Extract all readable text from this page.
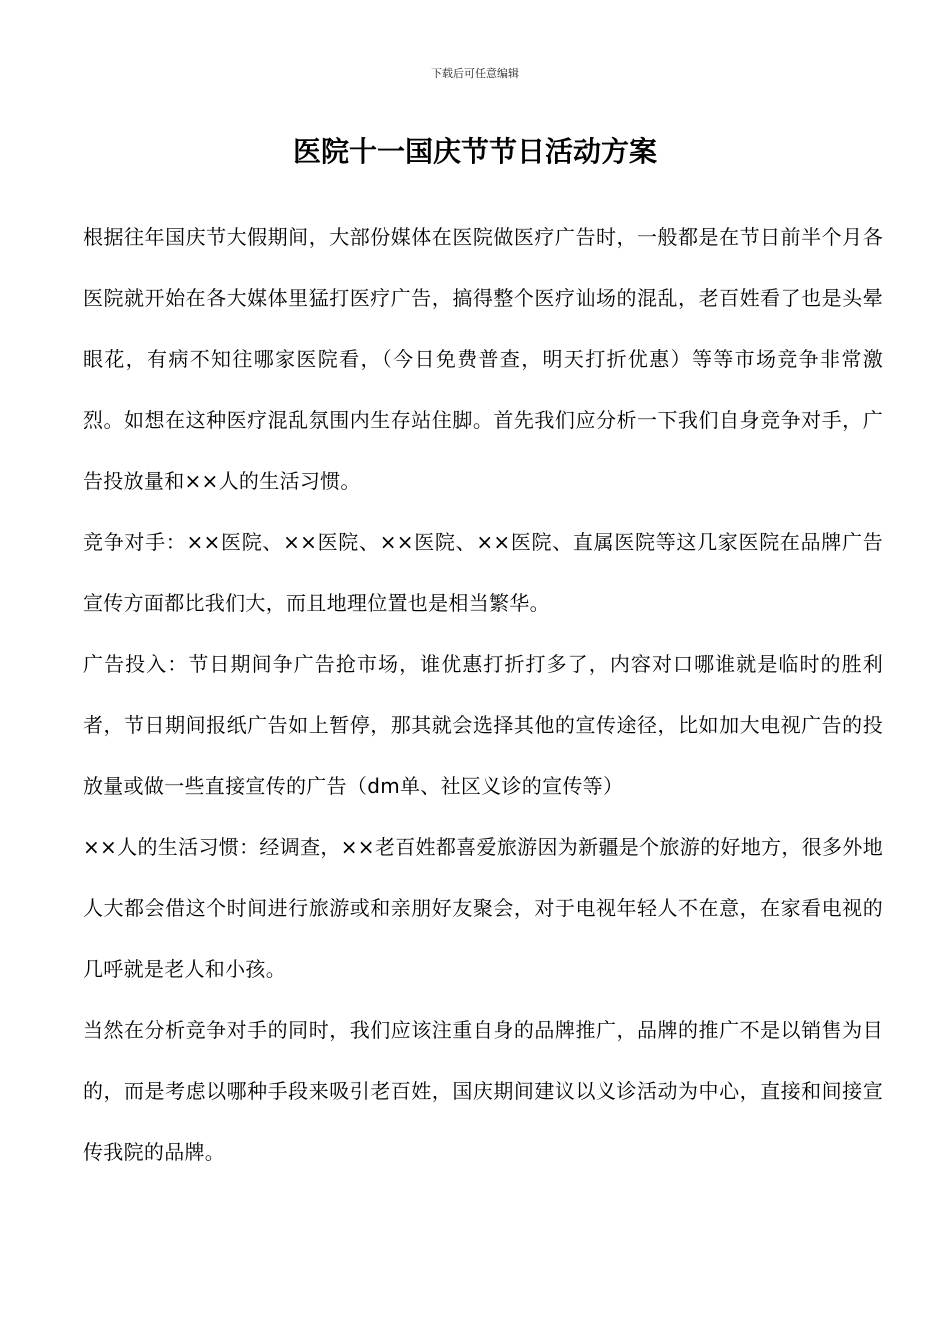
下载后可任意编辑
医院十一国庆节节日活动方案

根据往年国庆节大假期间，大部份媒体在医院做医疗广告时，一般都是在节日前半个月各医院就开始在各大媒体里猛打医疗广告，搞得整个医疗讪场的混乱，老百姓看了也是头晕眼花，有病不知往哪家医院看，（今日免费普查，明天打折优惠）等等市场竞争非常激烈。如想在这种医疗混乱氛围内生存站住脚。首先我们应分析一下我们自身竞争对手，广告投放量和××人的生活习惯。

竞争对手：××医院、××医院、××医院、××医院、直属医院等这几家医院在品牌广告宣传方面都比我们大，而且地理位置也是相当繁华。

广告投入：节日期间争广告抢市场，谁优惠打折打多了，内容对口哪谁就是临时的胜利者，节日期间报纸广告如上暂停，那其就会选择其他的宣传途径，比如加大电视广告的投放量或做一些直接宣传的广告（dm单、社区义诊的宣传等）

××人的生活习惯：经调查，××老百姓都喜爱旅游因为新疆是个旅游的好地方，很多外地人大都会借这个时间进行旅游或和亲朋好友聚会，对于电视年轻人不在意，在家看电视的几呼就是老人和小孩。

当然在分析竞争对手的同时，我们应该注重自身的品牌推广，品牌的推广不是以销售为目的，而是考虑以哪种手段来吸引老百姓，国庆期间建议以义诊活动为中心，直接和间接宣传我院的品牌。
